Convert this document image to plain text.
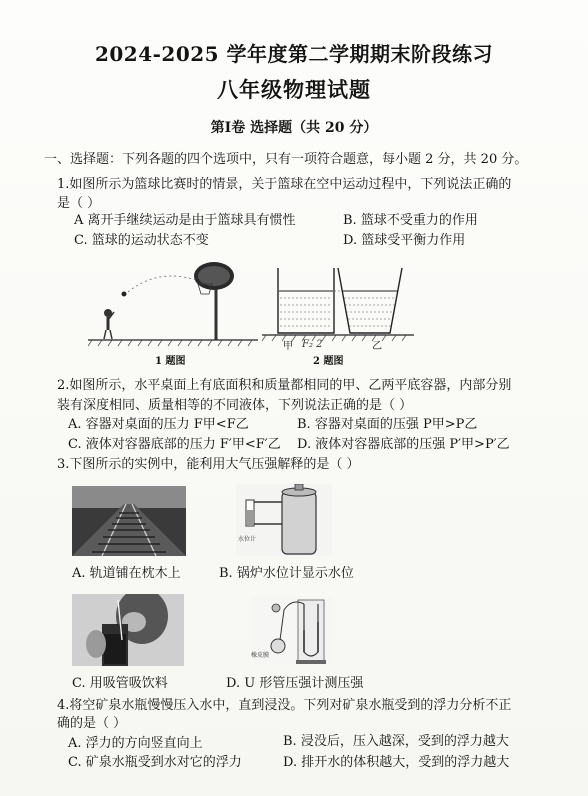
2024-2025 学年度第二学期期末阶段练习
八年级物理试题
第Ⅰ卷 选择题（共 20 分）
一、选择题：下列各题的四个选项中，只有一项符合题意，每小题 2 分，共 20 分。
1.如图所示为篮球比赛时的情景，关于篮球在空中运动过程中，下列说法正确的
是（ ）
A 离开手继续运动是由于篮球具有惯性	B. 篮球不受重力的作用
C. 篮球的运动状态不变	D. 篮球受平衡力作用
1 题图
甲 F₂ 2	乙
2 题图
2.如图所示，水平桌面上有底面积和质量都相同的甲、乙两平底容器，内部分别
装有深度相同、质量相等的不同液体，下列说法正确的是（ ）
A. 容器对桌面的压力 F甲<F乙	B. 容器对桌面的压强 P甲>P乙
C. 液体对容器底部的压力 F′甲<F′乙 D. 液体对容器底部的压强 P′甲>P′乙
3.下图所示的实例中，能利用大气压强解释的是（ ）
A. 轨道铺在枕木上
水位计
B. 锅炉水位计显示水位
C. 用吸管吸饮料
橡皮膜
D. U 形管压强计测压强
4.将空矿泉水瓶慢慢压入水中，直到浸没。下列对矿泉水瓶受到的浮力分析不正
确的是（ ）
A. 浮力的方向竖直向上	B. 浸没后，压入越深，受到的浮力越大
C. 矿泉水瓶受到水对它的浮力	D. 排开水的体积越大，受到的浮力越大
